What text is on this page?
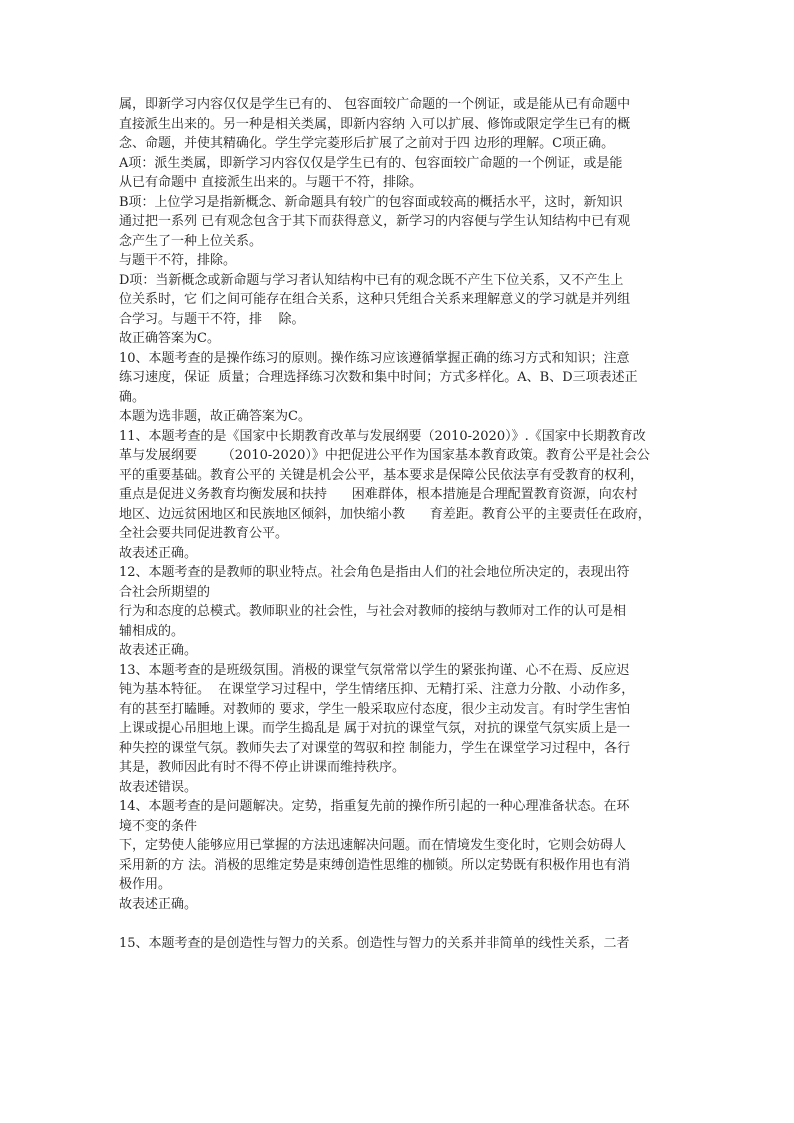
属，即新学习内容仅仅是学生已有的、 包容面较广命题的一个例证，或是能从已有命题中
直接派生出来的。另一种是相关类属，即新内容纳 入可以扩展、修饰或限定学生已有的概
念、命题，并使其精确化。学生学完菱形后扩展了之前对于四 边形的理解。C项正确。
A项：派生类属，即新学习内容仅仅是学生已有的、包容面较广命题的一个例证，或是能
从已有命题中 直接派生出来的。与题干不符，排除。
B项：上位学习是指新概念、新命题具有较广的包容面或较高的概括水平，这时，新知识
通过把一系列 已有观念包含于其下而获得意义，新学习的内容便与学生认知结构中已有观
念产生了一种上位关系。
与题干不符，排除。
D项：当新概念或新命题与学习者认知结构中已有的观念既不产生下位关系，又不产生上
位关系时，它 们之间可能存在组合关系，这种只凭组合关系来理解意义的学习就是并列组
合学习。与题干不符，排    除。
故正确答案为C。
10、本题考查的是操作练习的原则。操作练习应该遵循掌握正确的练习方式和知识；注意
练习速度，保证  质量；合理选择练习次数和集中时间；方式多样化。A、B、D三项表述正
确。
本题为选非题，故正确答案为C。
11、本题考查的是《国家中长期教育改革与发展纲要（2010-2020）》.《国家中长期教育改
革与发展纲要      （2010-2020）》中把促进公平作为国家基本教育政策。教育公平是社会公
平的重要基础。教育公平的 关键是机会公平，基本要求是保障公民依法享有受教育的权利，
重点是促进义务教育均衡发展和扶持      困难群体，根本措施是合理配置教育资源，向农村
地区、边远贫困地区和民族地区倾斜，加快缩小教      育差距。教育公平的主要责任在政府，
全社会要共同促进教育公平。
故表述正确。
12、本题考查的是教师的职业特点。社会角色是指由人们的社会地位所决定的，表现出符
合社会所期望的
行为和态度的总模式。教师职业的社会性，与社会对教师的接纳与教师对工作的认可是相
辅相成的。
故表述正确。
13、本题考查的是班级氛围。消极的课堂气氛常常以学生的紧张拘谨、心不在焉、反应迟
钝为基本特征。  在课堂学习过程中，学生情绪压抑、无精打采、注意力分散、小动作多，
有的甚至打瞌睡。对教师的 要求，学生一般采取应付态度，很少主动发言。有时学生害怕
上课或提心吊胆地上课。而学生捣乱是 属于对抗的课堂气氛，对抗的课堂气氛实质上是一
种失控的课堂气氛。教师失去了对课堂的驾驭和控 制能力，学生在课堂学习过程中，各行
其是，教师因此有时不得不停止讲课而维持秩序。
故表述错误。
14、本题考查的是问题解决。定势，指重复先前的操作所引起的一种心理准备状态。在环
境不变的条件
下，定势使人能够应用已掌握的方法迅速解决问题。而在情境发生变化时，它则会妨碍人
采用新的方 法。消极的思维定势是束缚创造性思维的枷锁。所以定势既有积极作用也有消
极作用。
故表述正确。
15、本题考查的是创造性与智力的关系。创造性与智力的关系并非简单的线性关系，二者
